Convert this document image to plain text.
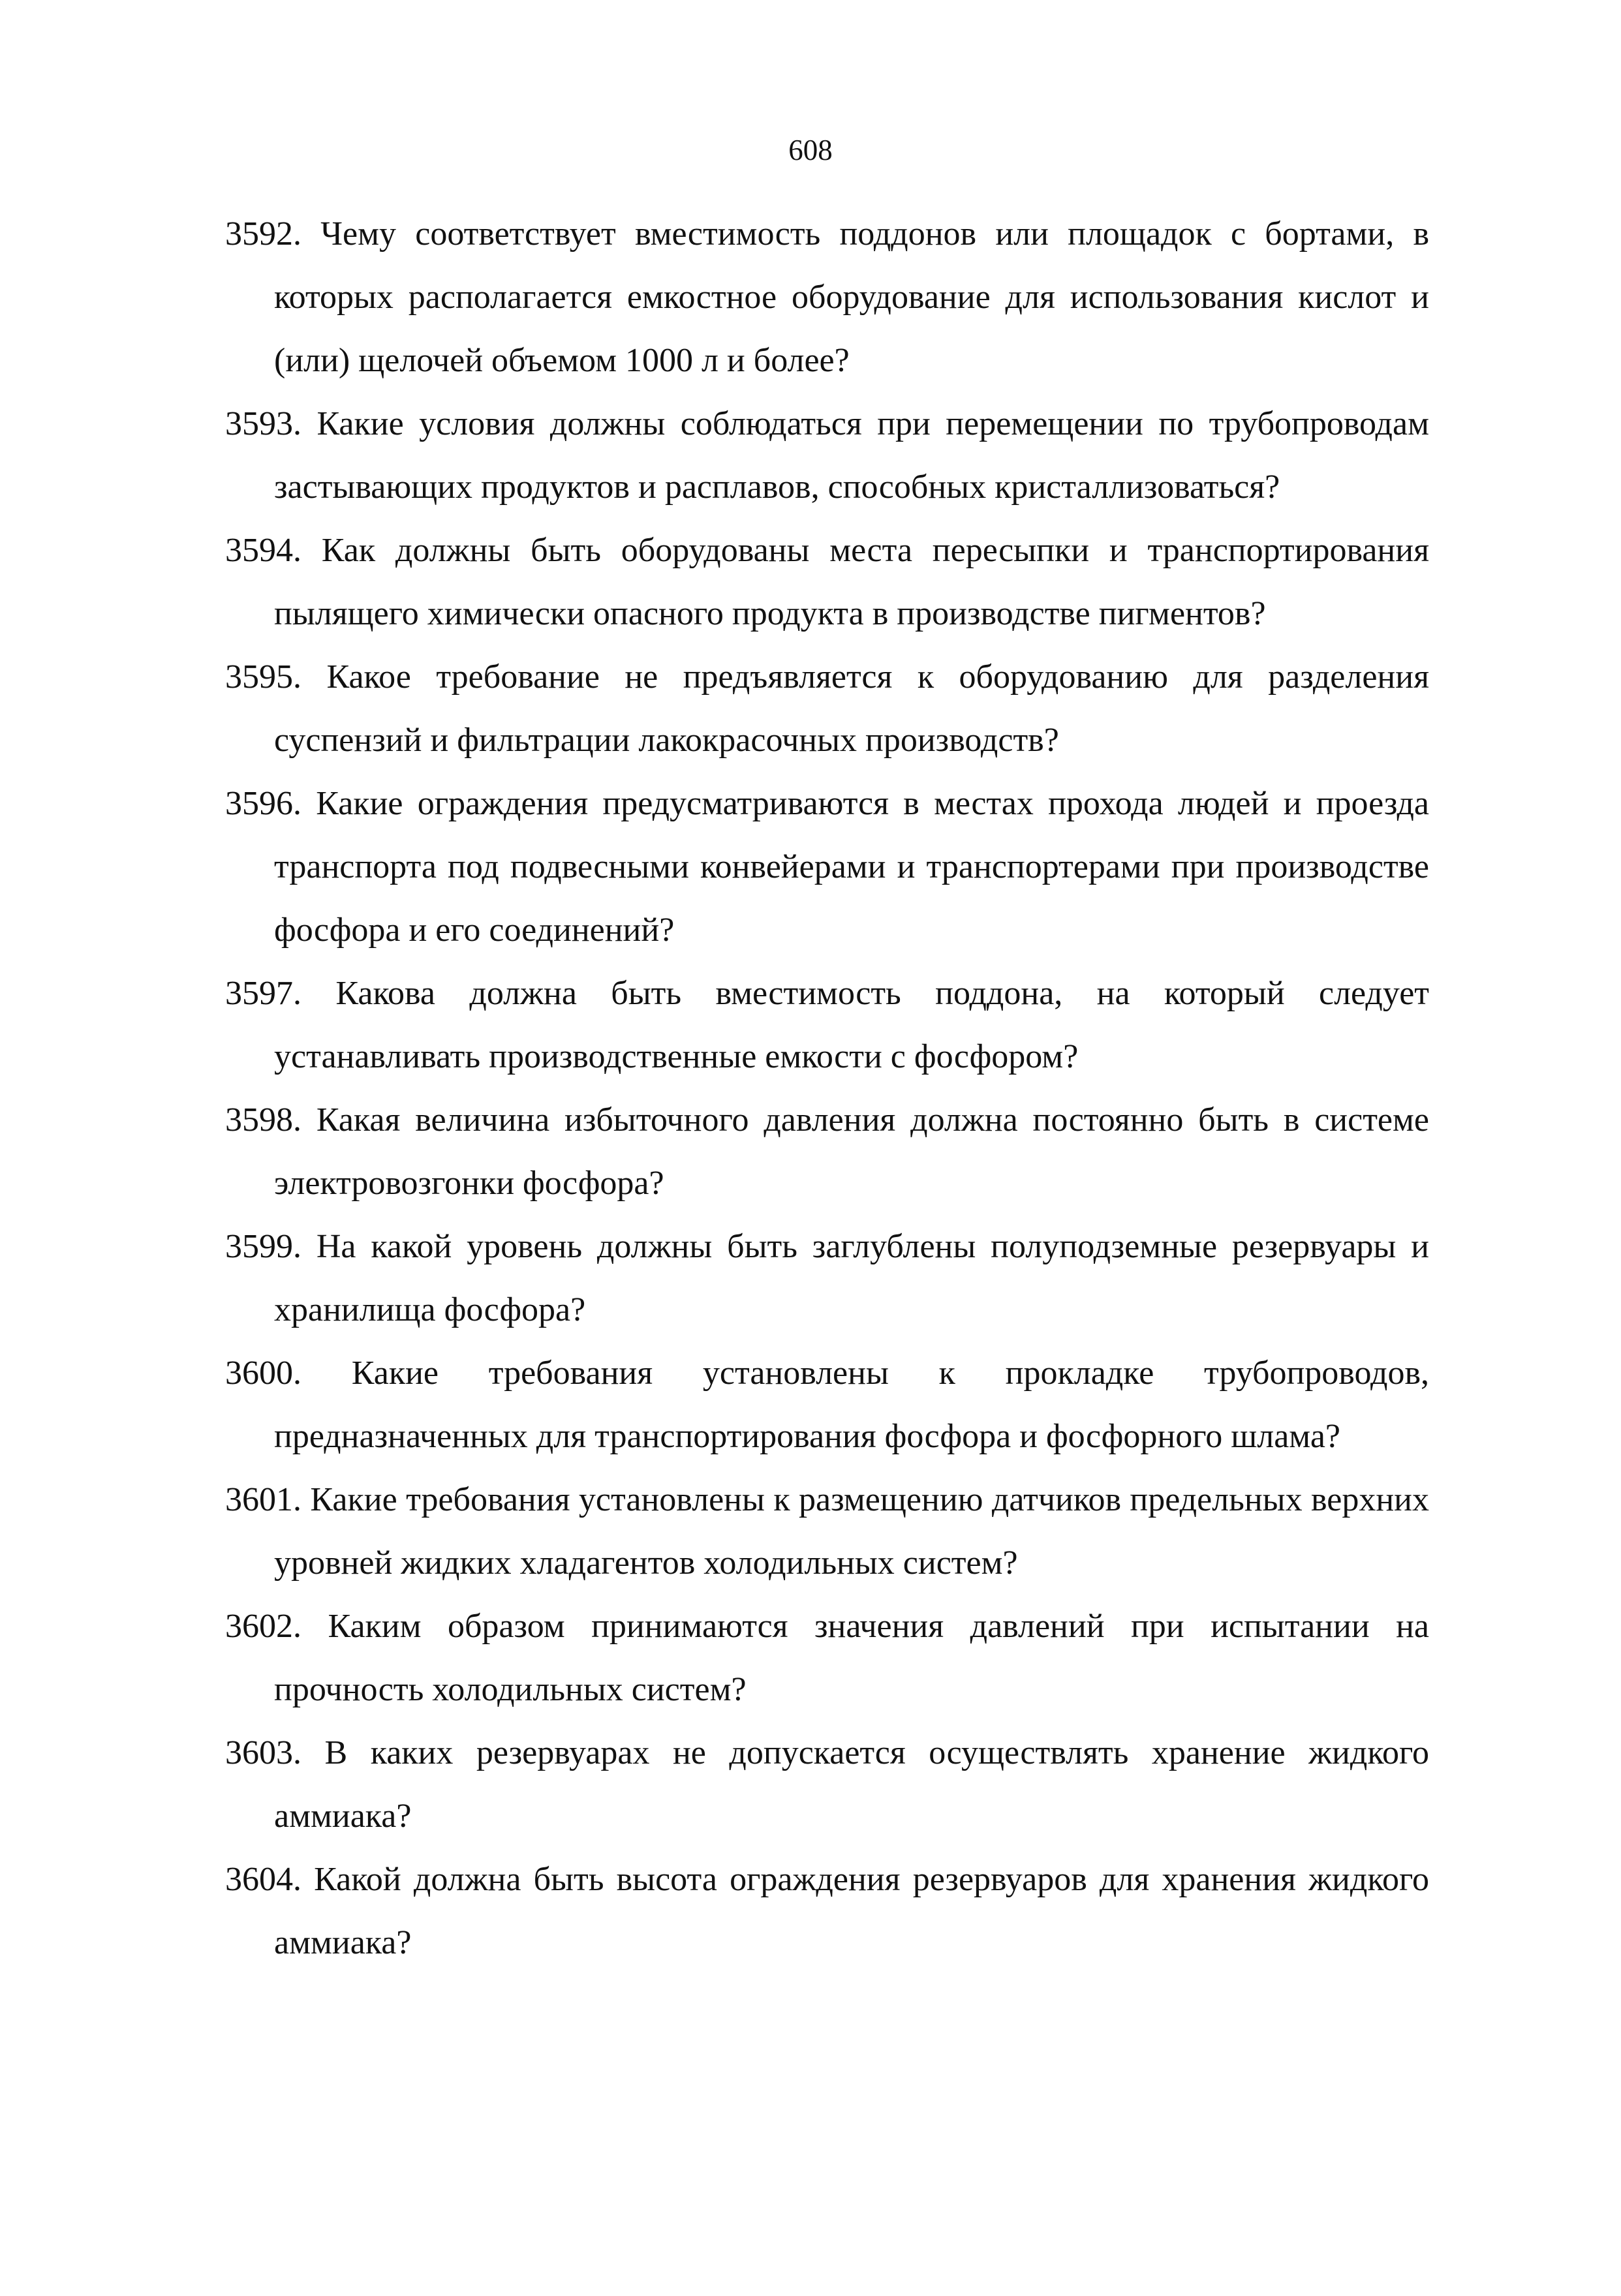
608
3592. Чему соответствует вместимость поддонов или площадок с бортами, в которых располагается емкостное оборудование для использования кислот и (или) щелочей объемом 1000 л и более?
3593. Какие условия должны соблюдаться при перемещении по трубопроводам застывающих продуктов и расплавов, способных кристаллизоваться?
3594. Как должны быть оборудованы места пересыпки и транспортирования пылящего химически опасного продукта в производстве пигментов?
3595. Какое требование не предъявляется к оборудованию для разделения суспензий и фильтрации лакокрасочных производств?
3596. Какие ограждения предусматриваются в местах прохода людей и проезда транспорта под подвесными конвейерами и транспортерами при производстве фосфора и его соединений?
3597. Какова должна быть вместимость поддона, на который следует устанавливать производственные емкости с фосфором?
3598. Какая величина избыточного давления должна постоянно быть в системе электровозгонки фосфора?
3599. На какой уровень должны быть заглублены полуподземные резервуары и хранилища фосфора?
3600. Какие требования установлены к прокладке трубопроводов, предназначенных для транспортирования фосфора и фосфорного шлама?
3601. Какие требования установлены к размещению датчиков предельных верхних уровней жидких хладагентов холодильных систем?
3602. Каким образом принимаются значения давлений при испытании на прочность холодильных систем?
3603. В каких резервуарах не допускается осуществлять хранение жидкого аммиака?
3604. Какой должна быть высота ограждения резервуаров для хранения жидкого аммиака?
